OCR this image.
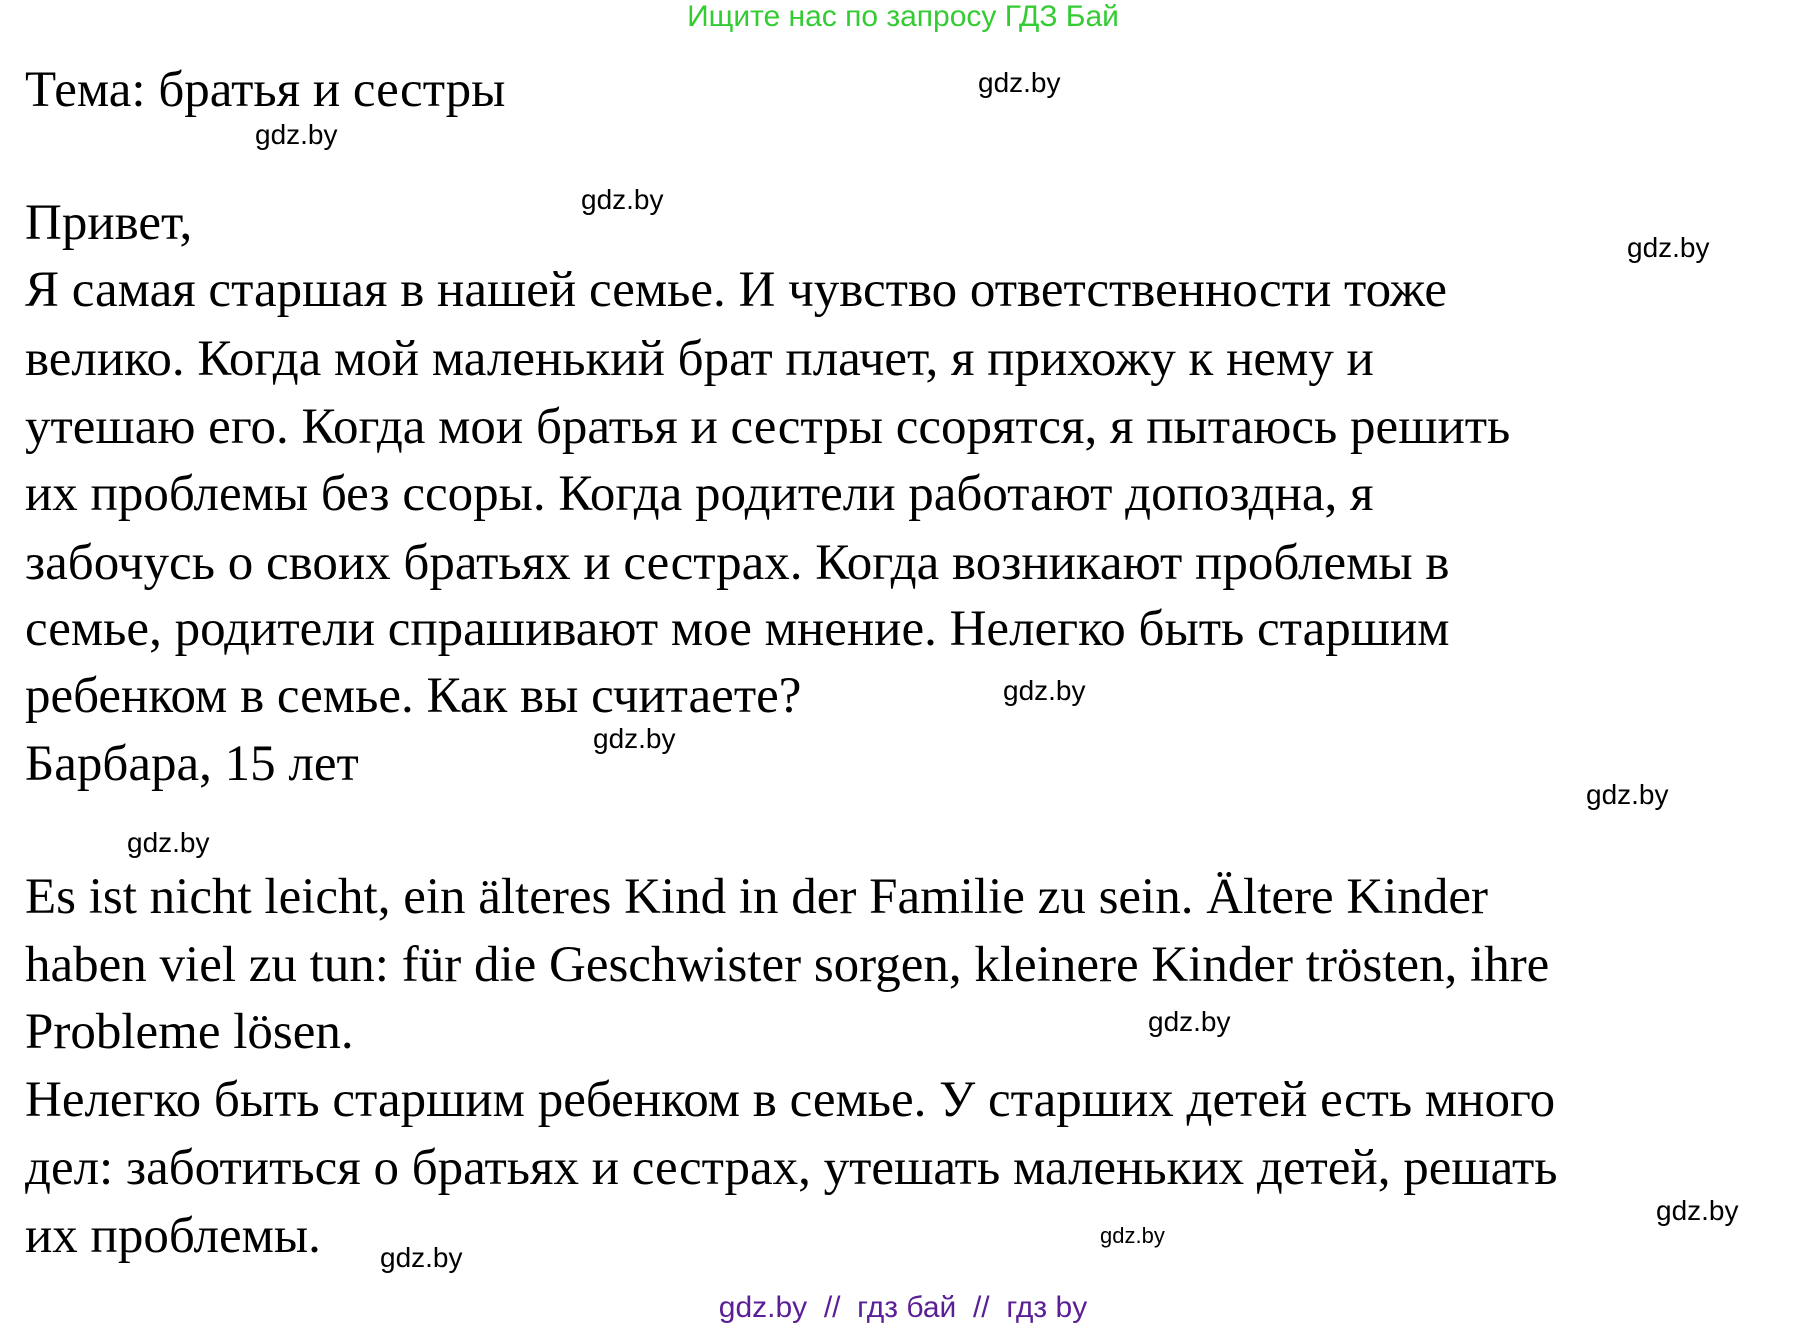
Ищите нас по запросу ГДЗ Бай
Тема: братья и сестры
Привет,
Я самая старшая в нашей семье. И чувство ответственности тоже
велико. Когда мой маленький брат плачет, я прихожу к нему и
утешаю его. Когда мои братья и сестры ссорятся, я пытаюсь решить
их проблемы без ссоры. Когда родители работают допоздна, я
забочусь о своих братьях и сестрах. Когда возникают проблемы в
семье, родители спрашивают мое мнение. Нелегко быть старшим
ребенком в семье. Как вы считаете?
Барбара, 15 лет
Es ist nicht leicht, ein älteres Kind in der Familie zu sein. Ältere Kinder
haben viel zu tun: für die Geschwister sorgen, kleinere Kinder trösten, ihre
Probleme lösen.
Нелегко быть старшим ребенком в семье. У старших детей есть много
дел: заботиться о братьях и сестрах, утешать маленьких детей, решать
их проблемы.
gdz.by
gdz.by
gdz.by
gdz.by
gdz.by
gdz.by
gdz.by
gdz.by
gdz.by
gdz.by
gdz.by
gdz.by
gdz.by  //  гдз бай  //  гдз by
